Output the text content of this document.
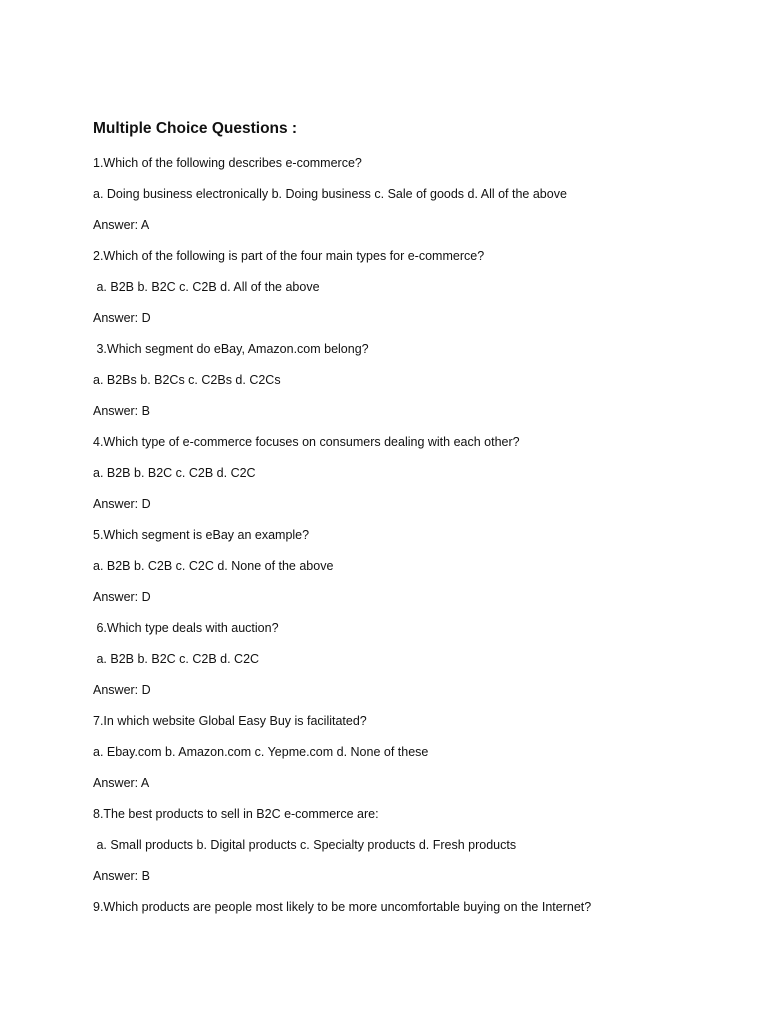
Multiple Choice Questions :
1.Which of the following describes e-commerce?
a. Doing business electronically b. Doing business c. Sale of goods d. All of the above
Answer: A
2.Which of the following is part of the four main types for e-commerce?
a. B2B b. B2C c. C2B d. All of the above
Answer: D
3.Which segment do eBay, Amazon.com belong?
a. B2Bs b. B2Cs c. C2Bs d. C2Cs
Answer: B
4.Which type of e-commerce focuses on consumers dealing with each other?
a. B2B b. B2C c. C2B d. C2C
Answer: D
5.Which segment is eBay an example?
a. B2B b. C2B c. C2C d. None of the above
Answer: D
6.Which type deals with auction?
a. B2B b. B2C c. C2B d. C2C
Answer: D
7.In which website Global Easy Buy is facilitated?
a. Ebay.com b. Amazon.com c. Yepme.com d. None of these
Answer: A
8.The best products to sell in B2C e-commerce are:
a. Small products b. Digital products c. Specialty products d. Fresh products
Answer: B
9.Which products are people most likely to be more uncomfortable buying on the Internet?
